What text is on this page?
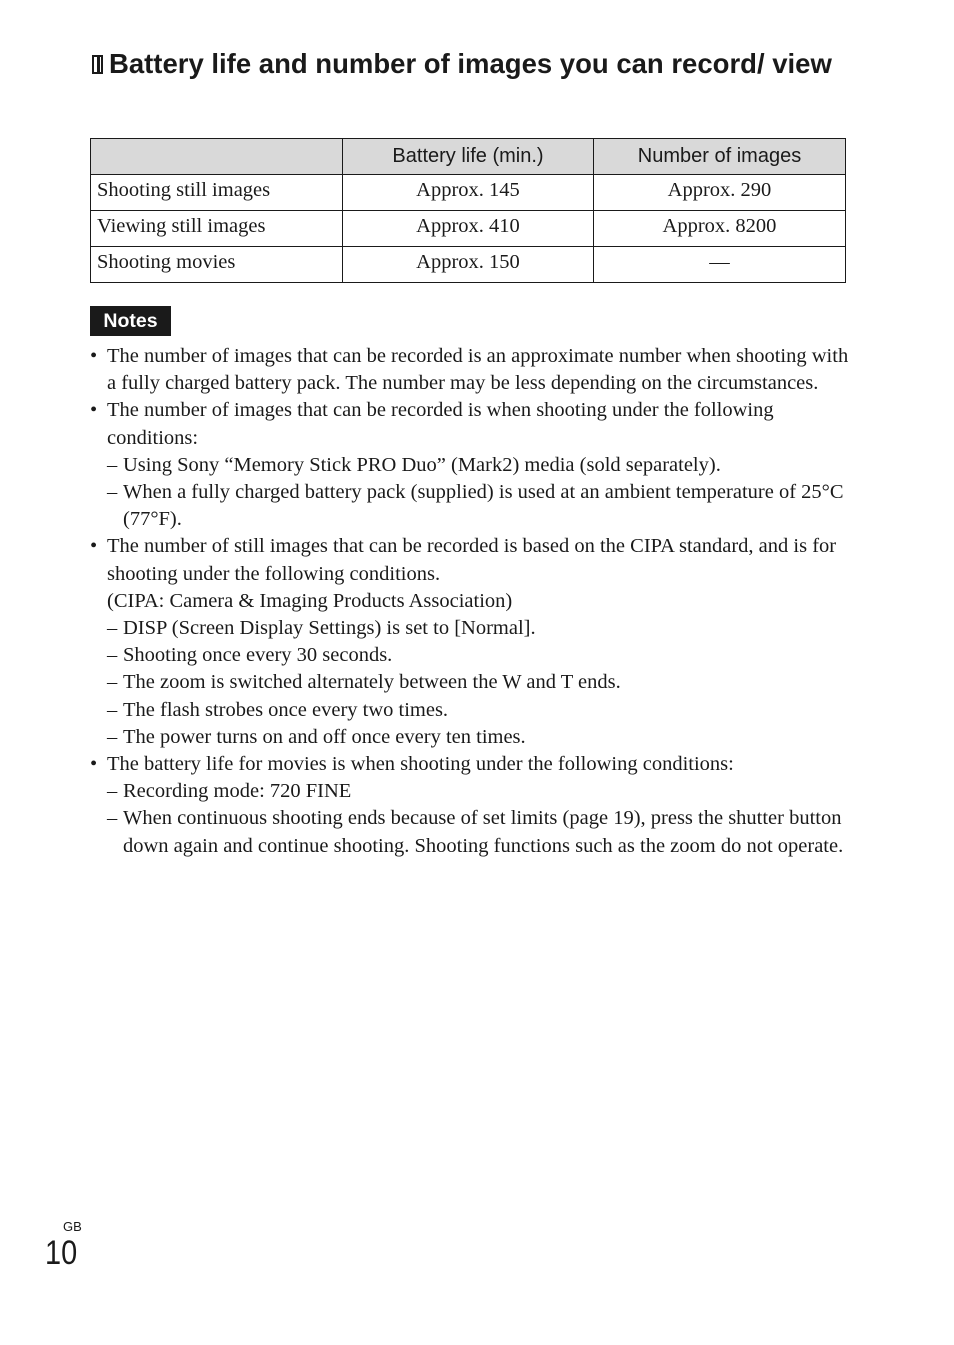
Battery life and number of images you can record/ view
	Battery life (min.)	Number of images
Shooting still images	Approx. 145	Approx. 290
Viewing still images	Approx. 410	Approx. 8200
Shooting movies	Approx. 150	—
Notes
• The number of images that can be recorded is an approximate number when shooting with a fully charged battery pack. The number may be less depending on the circumstances.
• The number of images that can be recorded is when shooting under the following conditions:
– Using Sony “Memory Stick PRO Duo” (Mark2) media (sold separately).
– When a fully charged battery pack (supplied) is used at an ambient temperature of 25°C (77°F).
• The number of still images that can be recorded is based on the CIPA standard, and is for shooting under the following conditions.
(CIPA: Camera & Imaging Products Association)
– DISP (Screen Display Settings) is set to [Normal].
– Shooting once every 30 seconds.
– The zoom is switched alternately between the W and T ends.
– The flash strobes once every two times.
– The power turns on and off once every ten times.
• The battery life for movies is when shooting under the following conditions:
– Recording mode: 720 FINE
– When continuous shooting ends because of set limits (page 19), press the shutter button down again and continue shooting. Shooting functions such as the zoom do not operate.
GB
10
